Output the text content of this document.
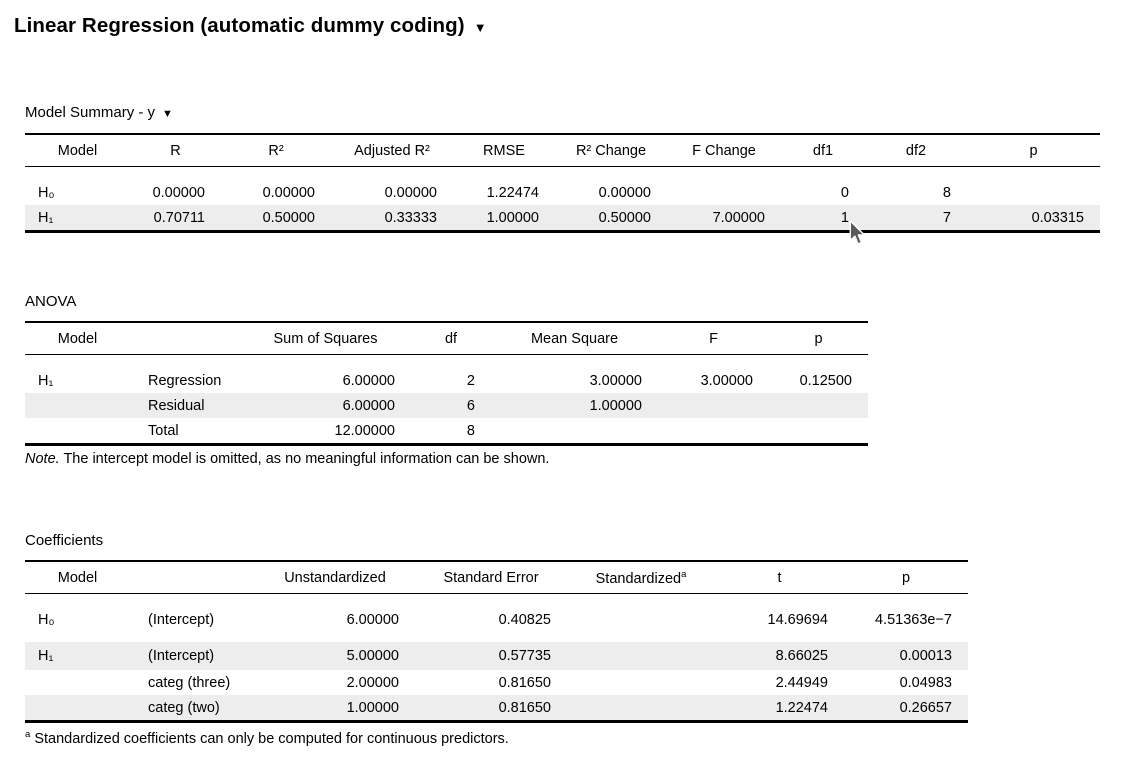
Linear Regression (automatic dummy coding) ▼
Model Summary - y ▼
Model	R	R²	Adjusted R²	RMSE	R² Change	F Change	df1	df2	p

H₀	0.00000	0.00000	0.00000	1.22474	0.00000		0	8	
H₁	0.70711	0.50000	0.33333	1.00000	0.50000	7.00000	1	7	0.03315
ANOVA
Model		Sum of Squares	df	Mean Square	F	p

H₁	Regression	6.00000	2	3.00000	3.00000	0.12500
	Residual	6.00000	6	1.00000		
	Total	12.00000	8			
Note. The intercept model is omitted, as no meaningful information can be shown.
Coefficients
Model		Unstandardized	Standard Error	Standardized$^a$	t	p

H₀	(Intercept)	6.00000	0.40825		14.69694	4.51363e−7

H₁	(Intercept)	5.00000	0.57735		8.66025	0.00013
	categ (three)	2.00000	0.81650		2.44949	0.04983
	categ (two)	1.00000	0.81650		1.22474	0.26657
$^a$ Standardized coefficients can only be computed for continuous predictors.
